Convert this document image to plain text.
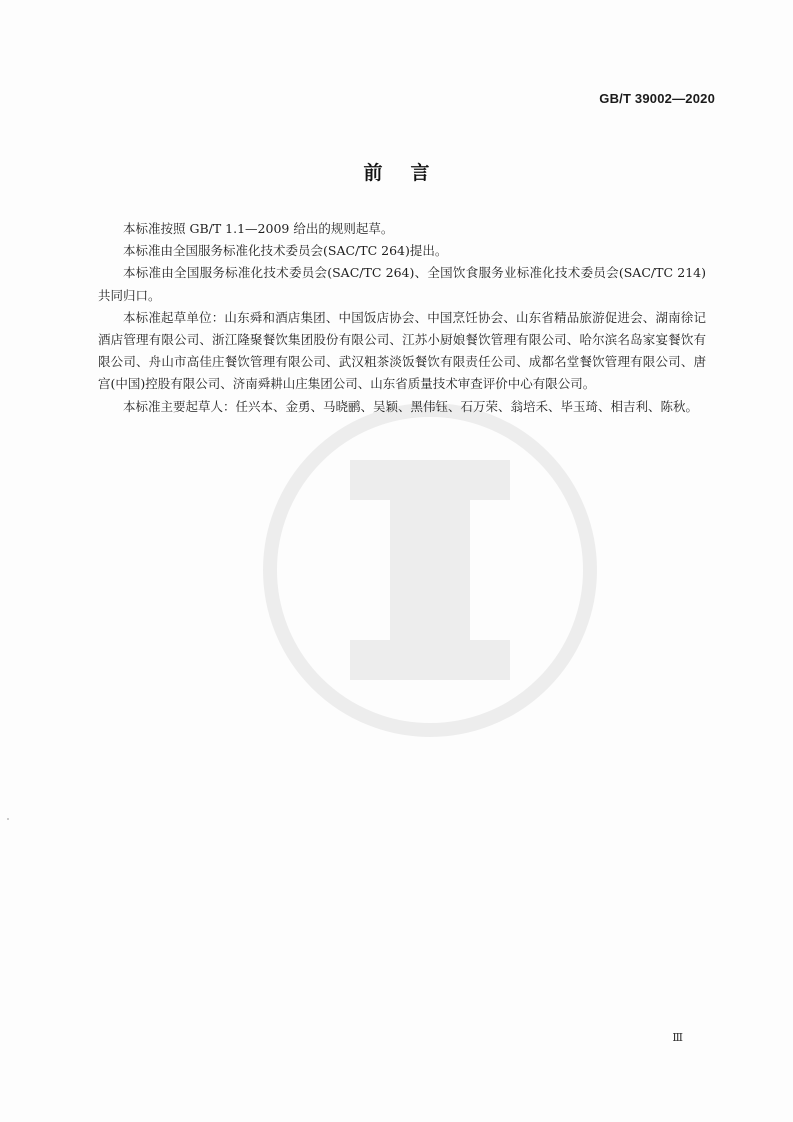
GB/T 39002—2020
前言

本标准按照 GB/T 1.1—2009 给出的规则起草。

本标准由全国服务标准化技术委员会(SAC/TC 264)提出。

本标准由全国服务标准化技术委员会(SAC/TC 264)、全国饮食服务业标准化技术委员会(SAC/TC 214)共同归口。

本标准起草单位：山东舜和酒店集团、中国饭店协会、中国烹饪协会、山东省精品旅游促进会、湖南徐记酒店管理有限公司、浙江隆聚餐饮集团股份有限公司、江苏小厨娘餐饮管理有限公司、哈尔滨名岛家宴餐饮有限公司、舟山市高佳庄餐饮管理有限公司、武汉粗茶淡饭餐饮有限责任公司、成都名堂餐饮管理有限公司、唐宫(中国)控股有限公司、济南舜耕山庄集团公司、山东省质量技术审查评价中心有限公司。

本标准主要起草人：任兴本、金勇、马晓鹂、吴颖、黑伟钰、石万荣、翁培禾、毕玉琦、相吉利、陈秋。

Ⅲ
